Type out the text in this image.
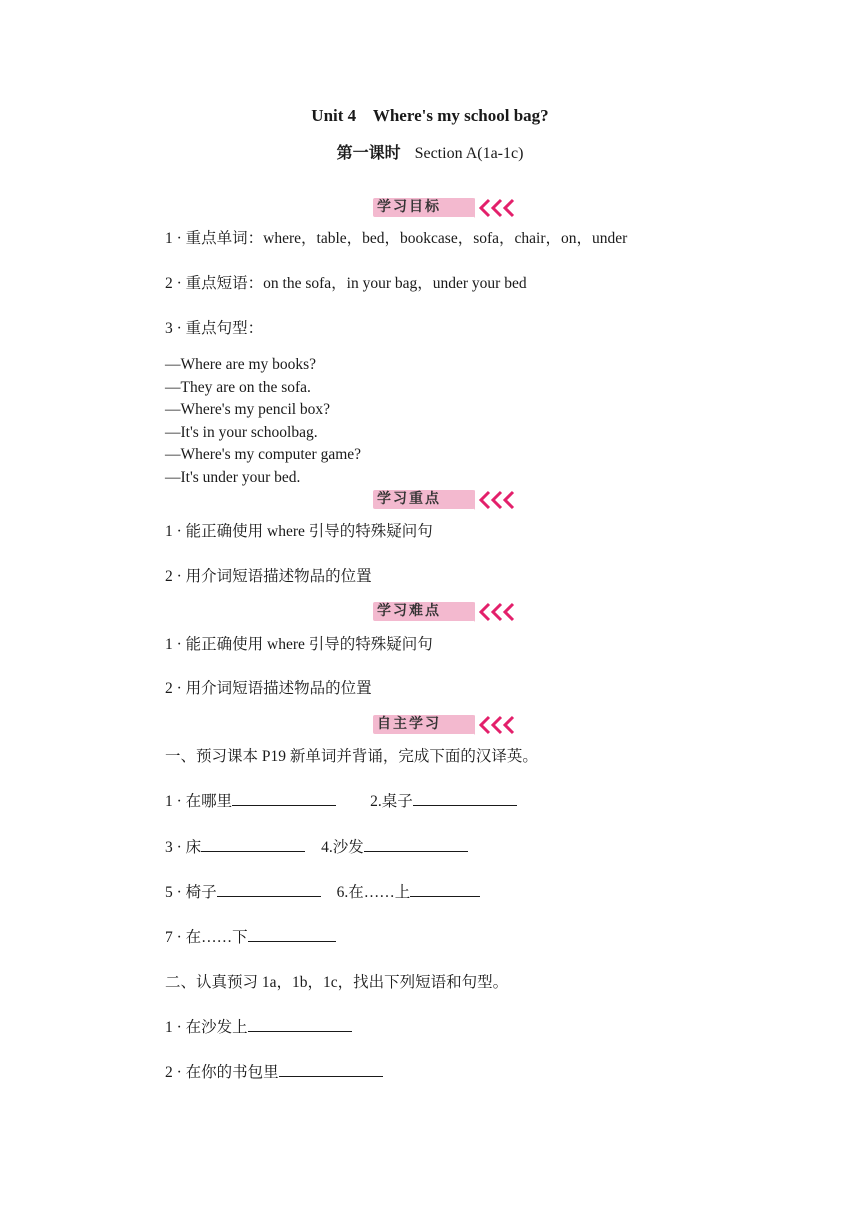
Unit 4    Where's my school bag?
第一课时 Section A(1a-1c)
学习目标
1 · 重点单词：where，table，bed，bookcase，sofa，chair，on，under
2 · 重点短语：on the sofa，in your bag，under your bed
3 · 重点句型：
—Where are my books?
—They are on the sofa.
—Where's my pencil box?
—It's in your schoolbag.
—Where's my computer game?
—It's under your bed.
学习重点
1 · 能正确使用 where 引导的特殊疑问句
2 · 用介词短语描述物品的位置
学习难点
1 · 能正确使用 where 引导的特殊疑问句
2 · 用介词短语描述物品的位置
自主学习
一、预习课本 P19 新单词并背诵，完成下面的汉译英。
1 · 在哪里	2.桌子
3 · 床	4.沙发
5 · 椅子	6.在……上
7 · 在……下
二、认真预习 1a，1b，1c，找出下列短语和句型。
1 · 在沙发上
2 · 在你的书包里
